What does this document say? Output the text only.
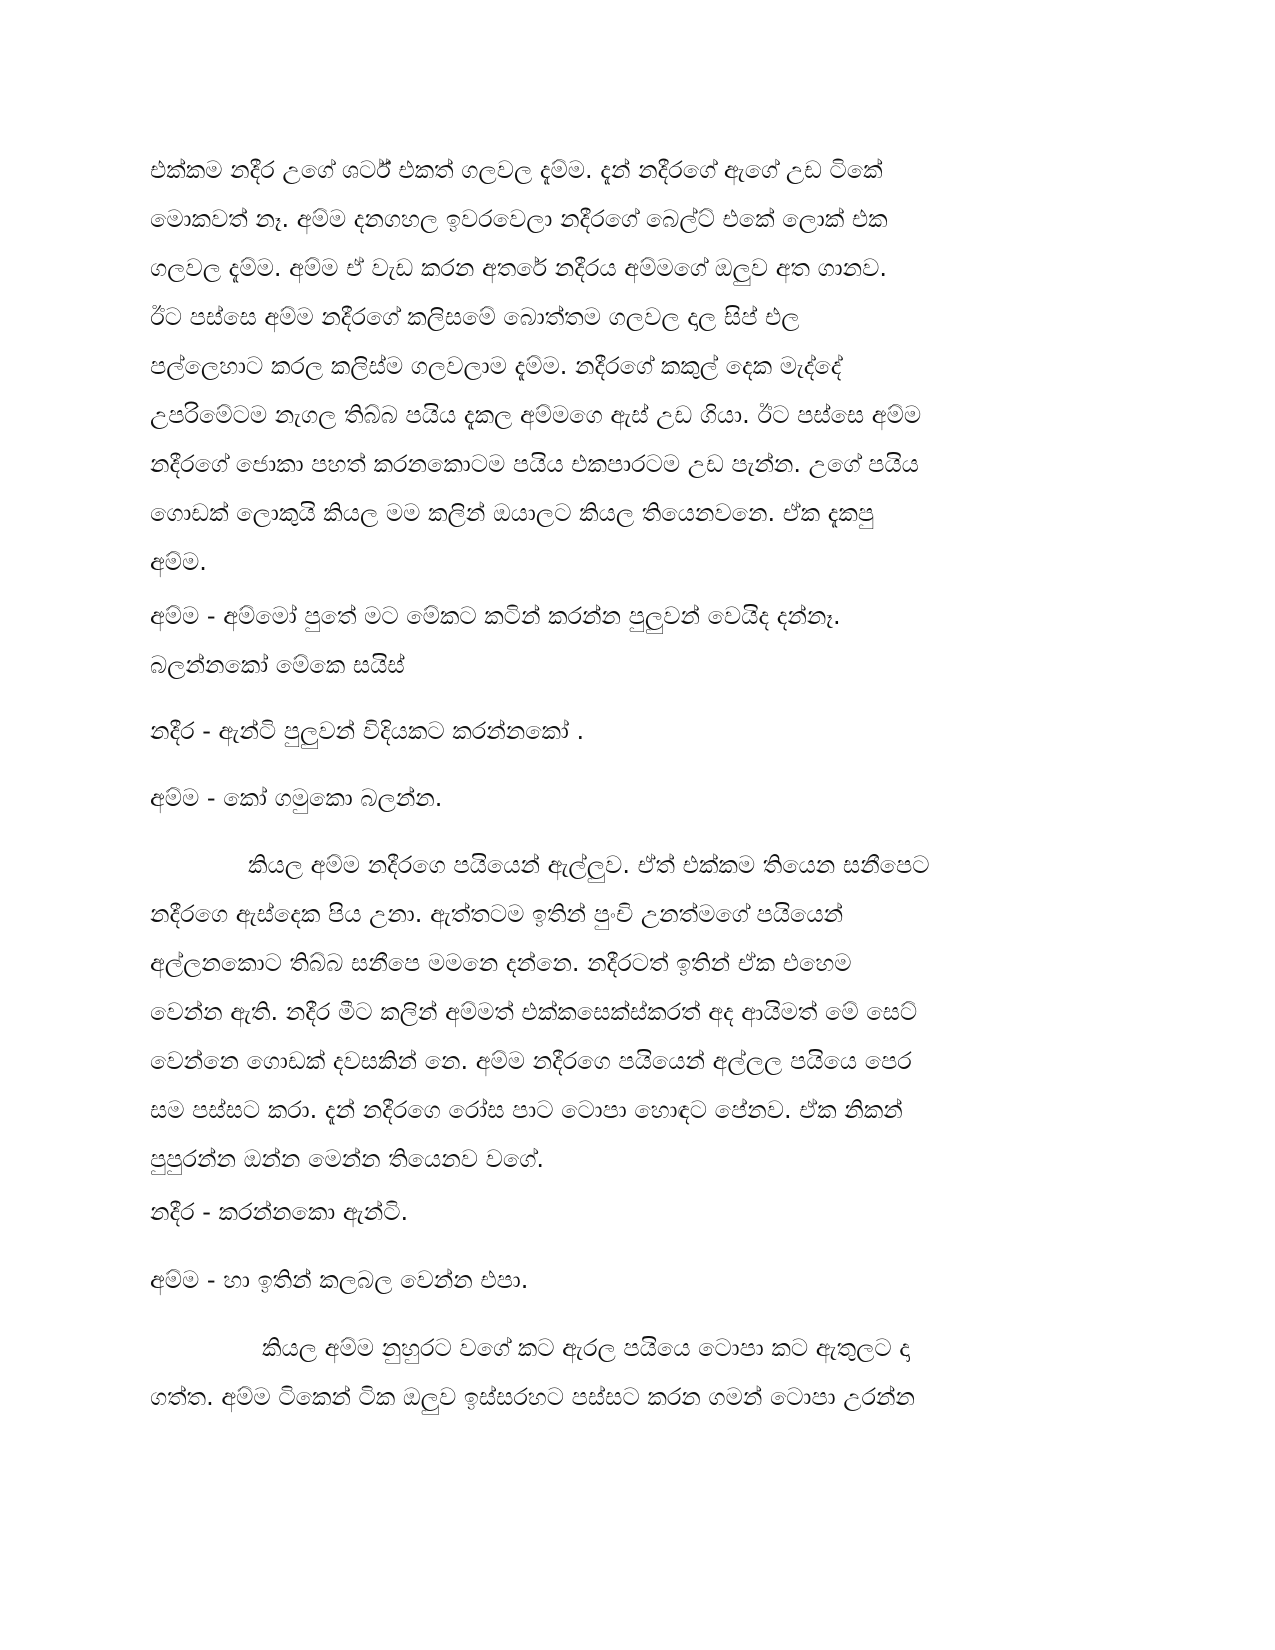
එක්කම නදීර උගේ ශර්ට් එකත් ගලවල දැම්ම. දැන් නදීරගේ ඇගේ උඩ ටිකේ
මොකවත් නෑ. අම්ම දනගහල ඉවරවෙලා නදීරගේ බෙල්ට් එකේ ලොක් එක
ගලවල දැම්ම. අම්ම ඒ වැඩ කරන අතරේ නදීරය අම්මගේ ඔලුව අත ගානව.
ඊට පස්සෙ අම්ම නදීරගේ කලිසමේ බොත්තම ගලවල දාල සිප් එල
පල්ලෙහාට කරල කලිස්ම ගලවලාම දැම්ම. නදීරගේ කකුල් දෙක මැද්දේ
උපරිමේටම නැගල තිබ්බ පයිය දැකල අම්මගෙ ඇස් උඩ ගියා. ඊට පස්සෙ අම්ම
නදීරගේ ජොකා පහත් කරනකොටම පයිය එකපාරටම උඩ පැන්න. උගේ පයිය
ගොඩක් ලොකුයි කියල මම කලින් ඔයාලට කියල තියෙනවනෙ. ඒක දැකපු
අම්ම.
අම්ම - අම්මෝ පුතේ මට මේකට කටින් කරන්න පුලුවන් වෙයිද දන්නෑ.
බලන්නකෝ මේකෙ සයිස්
නදීර - ඇන්ටි පුලුවන් විදියකට කරන්නකෝ .
අම්ම - කෝ ගමුකො බලන්න.
කියල අම්ම නදීරගෙ පයියෙන් ඇල්ලුව. ඒත් එක්කම තියෙන සනීපෙට
නදීරගෙ ඇස්දෙක පිය උනා. ඇත්තටම ඉතින් පුංචි උනත්මගේ පයියෙන්
අල්ලනකොට තිබ්බ සනීපෙ මමනෙ දන්නෙ. නදීරටත් ඉතින් ඒක එහෙම
වෙන්න ඇති. නදීර මීට කලින් අම්මත් එක්කසෙක්ස්කරත් අද ආයිමත් මේ සෙට්
වෙන්නෙ ගොඩක් දවසකින් නෙ. අම්ම නදීරගෙ පයියෙන් අල්ලල පයියෙ පෙර
සම පස්සට කරා. දැන් නදීරගෙ රෝස පාට ටොපා හොඳට පේනව. ඒක නිකන්
පුපුරන්න ඔන්න මෙන්න තියෙනව වගේ.
නදීර - කරන්නකො ඇන්ටි.
අම්ම - හා ඉතින් කලබල වෙන්න එපා.
කියල අම්ම නුහුරට වගේ කට ඇරල පයියෙ ටොපා කට ඇතුලට දා
ගත්ත. අම්ම ටිකෙන් ටික ඔලුව ඉස්සරහට පස්සට කරන ගමන් ටොපා උරන්න
